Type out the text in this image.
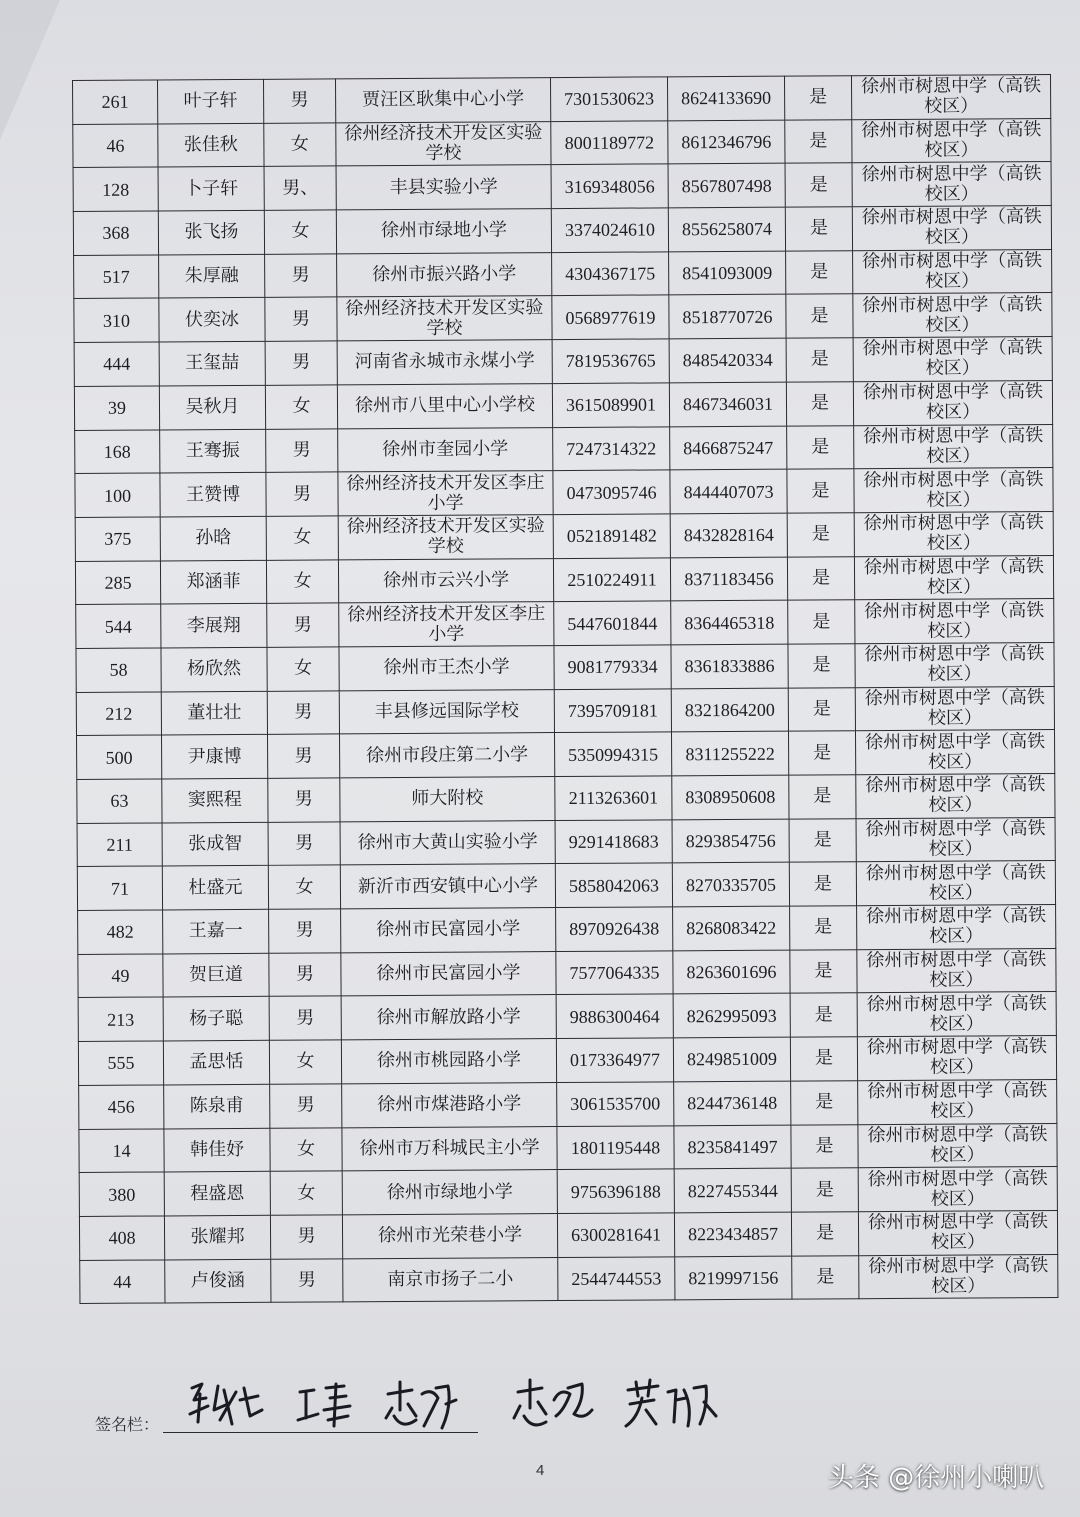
261	叶子轩	男	贾汪区耿集中心小学	7301530623	8624133690	是	徐州市树恩中学（高铁校区）
46	张佳秋	女	徐州经济技术开发区实验学校	8001189772	8612346796	是	徐州市树恩中学（高铁校区）
128	卜子轩	男、	丰县实验小学	3169348056	8567807498	是	徐州市树恩中学（高铁校区）
368	张飞扬	女	徐州市绿地小学	3374024610	8556258074	是	徐州市树恩中学（高铁校区）
517	朱厚融	男	徐州市振兴路小学	4304367175	8541093009	是	徐州市树恩中学（高铁校区）
310	伏奕冰	男	徐州经济技术开发区实验学校	0568977619	8518770726	是	徐州市树恩中学（高铁校区）
444	王玺喆	男	河南省永城市永煤小学	7819536765	8485420334	是	徐州市树恩中学（高铁校区）
39	吴秋月	女	徐州市八里中心小学校	3615089901	8467346031	是	徐州市树恩中学（高铁校区）
168	王骞振	男	徐州市奎园小学	7247314322	8466875247	是	徐州市树恩中学（高铁校区）
100	王赞博	男	徐州经济技术开发区李庄小学	0473095746	8444407073	是	徐州市树恩中学（高铁校区）
375	孙晗	女	徐州经济技术开发区实验学校	0521891482	8432828164	是	徐州市树恩中学（高铁校区）
285	郑涵菲	女	徐州市云兴小学	2510224911	8371183456	是	徐州市树恩中学（高铁校区）
544	李展翔	男	徐州经济技术开发区李庄小学	5447601844	8364465318	是	徐州市树恩中学（高铁校区）
58	杨欣然	女	徐州市王杰小学	9081779334	8361833886	是	徐州市树恩中学（高铁校区）
212	董壮壮	男	丰县修远国际学校	7395709181	8321864200	是	徐州市树恩中学（高铁校区）
500	尹康博	男	徐州市段庄第二小学	5350994315	8311255222	是	徐州市树恩中学（高铁校区）
63	窦熙程	男	师大附校	2113263601	8308950608	是	徐州市树恩中学（高铁校区）
211	张成智	男	徐州市大黄山实验小学	9291418683	8293854756	是	徐州市树恩中学（高铁校区）
71	杜盛元	女	新沂市西安镇中心小学	5858042063	8270335705	是	徐州市树恩中学（高铁校区）
482	王嘉一	男	徐州市民富园小学	8970926438	8268083422	是	徐州市树恩中学（高铁校区）
49	贺巨道	男	徐州市民富园小学	7577064335	8263601696	是	徐州市树恩中学（高铁校区）
213	杨子聪	男	徐州市解放路小学	9886300464	8262995093	是	徐州市树恩中学（高铁校区）
555	孟思恬	女	徐州市桃园路小学	0173364977	8249851009	是	徐州市树恩中学（高铁校区）
456	陈泉甫	男	徐州市煤港路小学	3061535700	8244736148	是	徐州市树恩中学（高铁校区）
14	韩佳妤	女	徐州市万科城民主小学	1801195448	8235841497	是	徐州市树恩中学（高铁校区）
380	程盛恩	女	徐州市绿地小学	9756396188	8227455344	是	徐州市树恩中学（高铁校区）
408	张耀邦	男	徐州市光荣巷小学	6300281641	8223434857	是	徐州市树恩中学（高铁校区）
44	卢俊涵	男	南京市扬子二小	2544744553	8219997156	是	徐州市树恩中学（高铁校区）
签名栏：
4	头条 @徐州小喇叭
